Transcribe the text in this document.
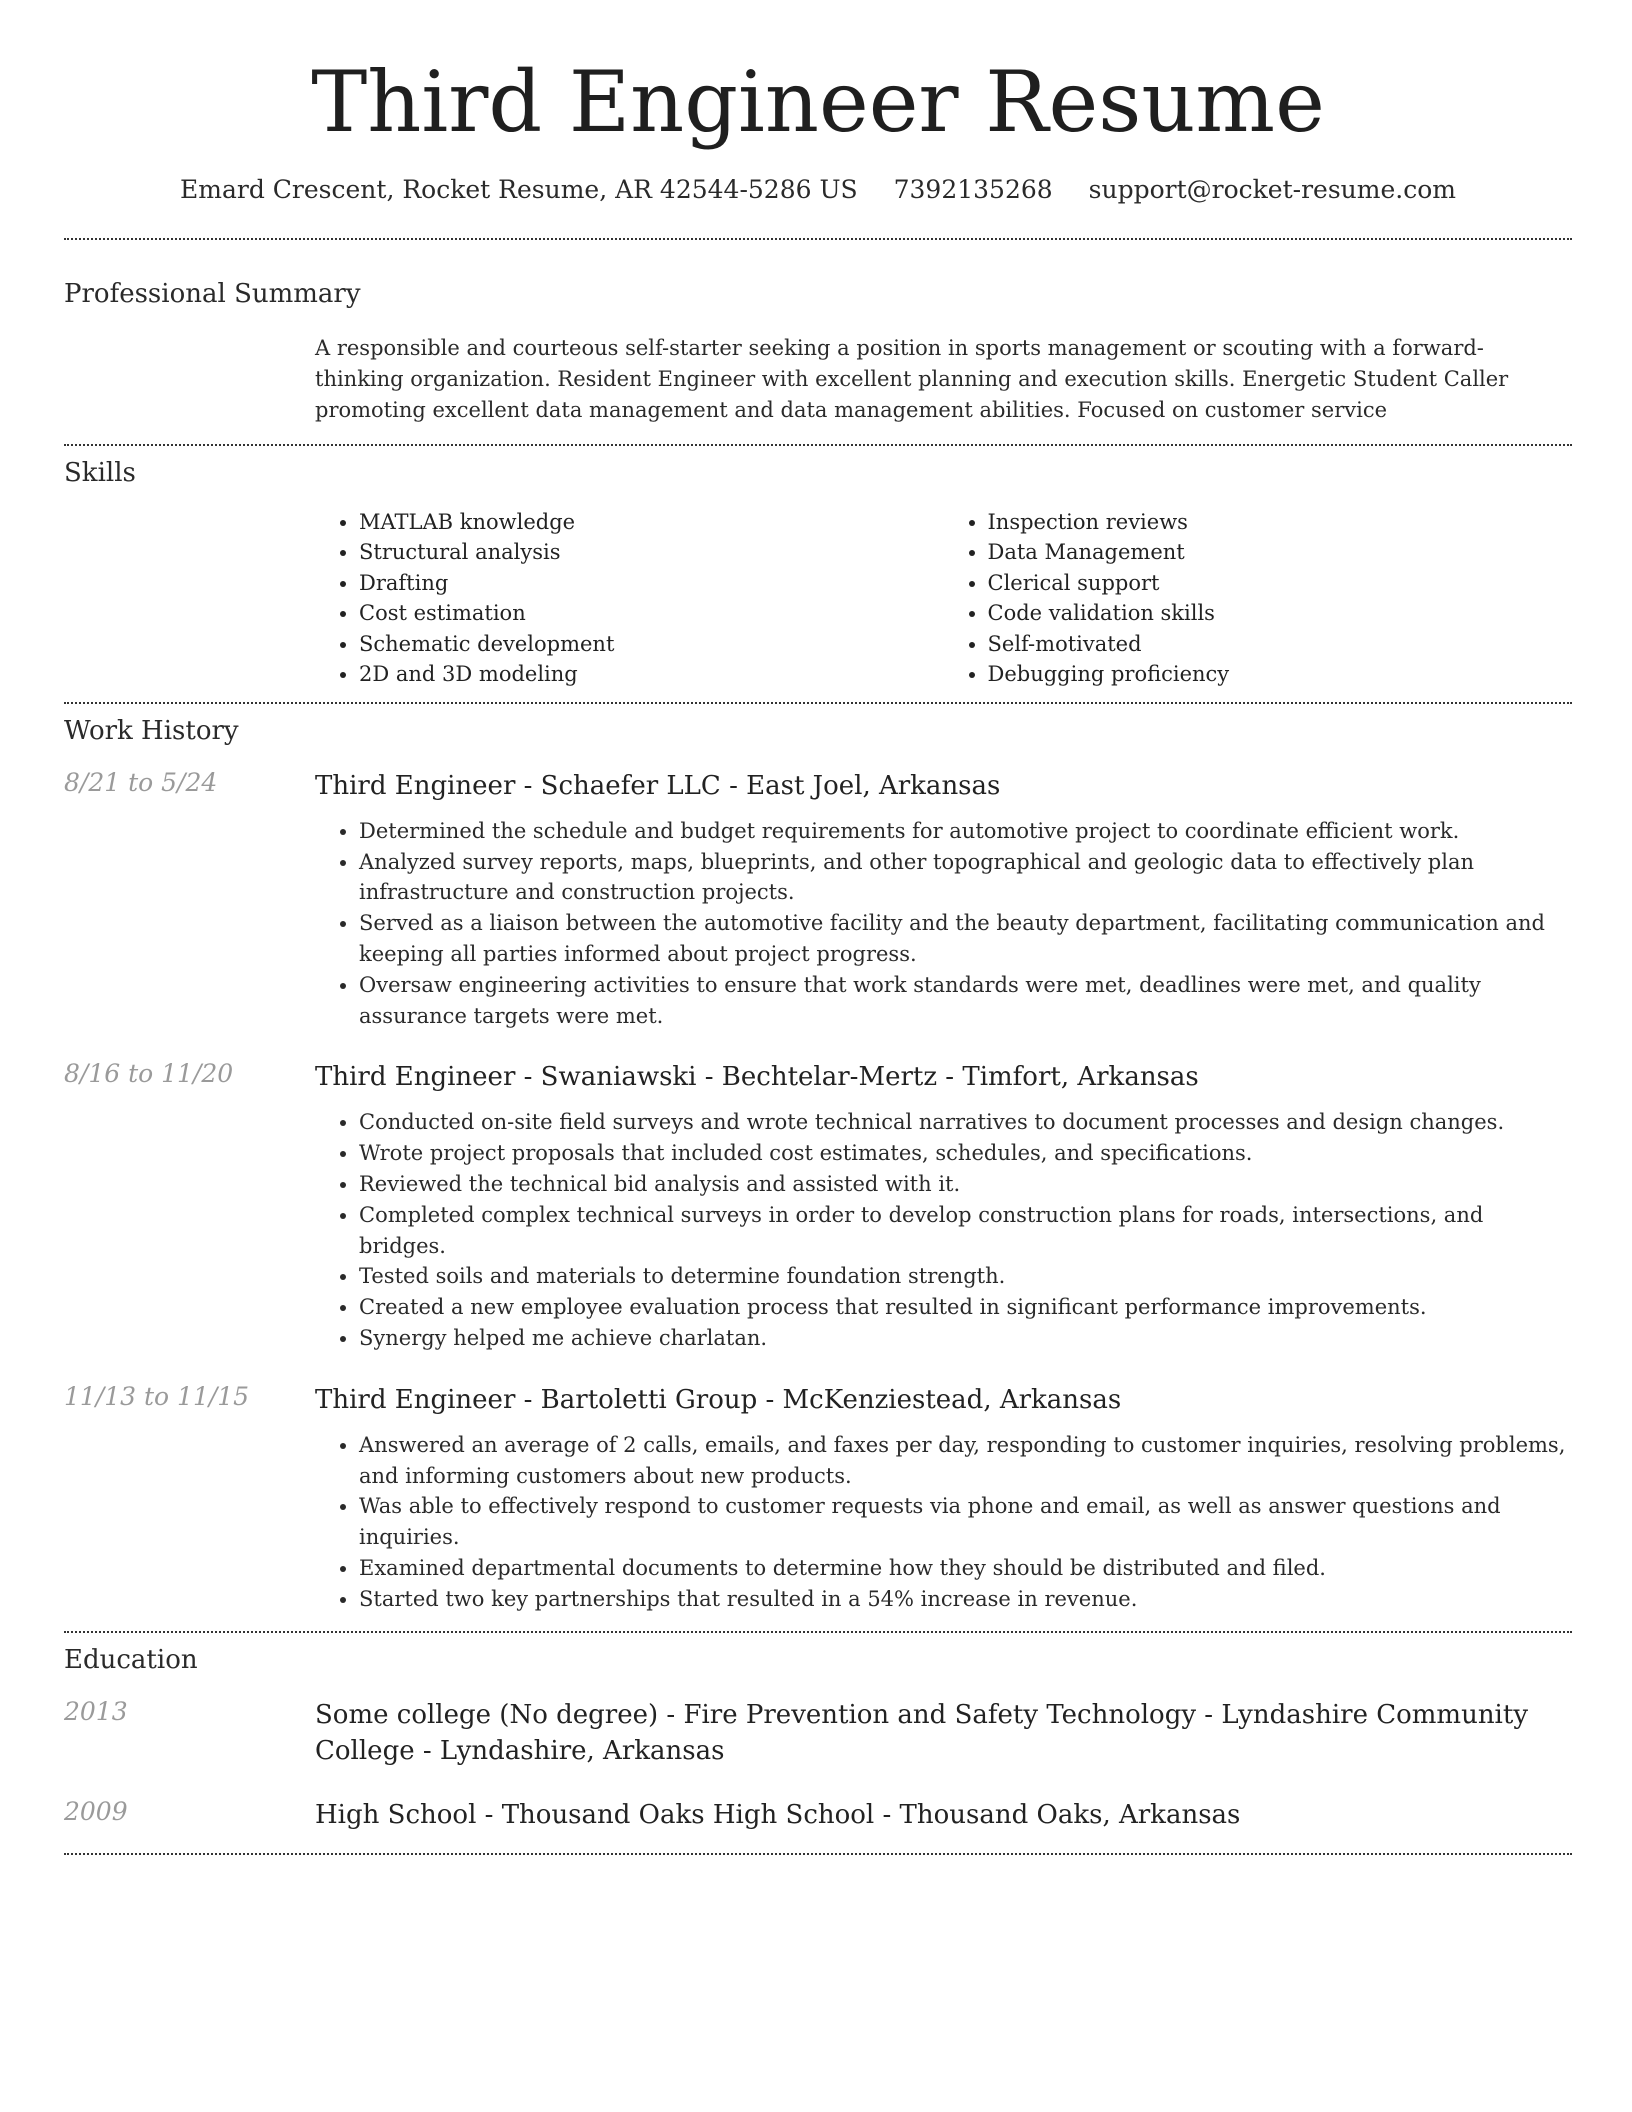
Third Engineer Resume
Emard Crescent, Rocket Resume, AR 42544-5286 US 7392135268 support@rocket-resume.com
Professional Summary
A responsible and courteous self-starter seeking a position in sports management or scouting with a forward-thinking organization. Resident Engineer with excellent planning and execution skills. Energetic Student Caller promoting excellent data management and data management abilities. Focused on customer service
Skills
• MATLAB knowledge
• Structural analysis
• Drafting
• Cost estimation
• Schematic development
• 2D and 3D modeling
• Inspection reviews
• Data Management
• Clerical support
• Code validation skills
• Self-motivated
• Debugging proficiency
Work History
8/21 to 5/24	Third Engineer - Schaefer LLC - East Joel, Arkansas
• Determined the schedule and budget requirements for automotive project to coordinate efficient work.
• Analyzed survey reports, maps, blueprints, and other topographical and geologic data to effectively plan infrastructure and construction projects.
• Served as a liaison between the automotive facility and the beauty department, facilitating communication and keeping all parties informed about project progress.
• Oversaw engineering activities to ensure that work standards were met, deadlines were met, and quality assurance targets were met.
8/16 to 11/20	Third Engineer - Swaniawski - Bechtelar-Mertz - Timfort, Arkansas
• Conducted on-site field surveys and wrote technical narratives to document processes and design changes.
• Wrote project proposals that included cost estimates, schedules, and specifications.
• Reviewed the technical bid analysis and assisted with it.
• Completed complex technical surveys in order to develop construction plans for roads, intersections, and bridges.
• Tested soils and materials to determine foundation strength.
• Created a new employee evaluation process that resulted in significant performance improvements.
• Synergy helped me achieve charlatan.
11/13 to 11/15	Third Engineer - Bartoletti Group - McKenziestead, Arkansas
• Answered an average of 2 calls, emails, and faxes per day, responding to customer inquiries, resolving problems, and informing customers about new products.
• Was able to effectively respond to customer requests via phone and email, as well as answer questions and inquiries.
• Examined departmental documents to determine how they should be distributed and filed.
• Started two key partnerships that resulted in a 54% increase in revenue.
Education
2013	Some college (No degree) - Fire Prevention and Safety Technology - Lyndashire Community College - Lyndashire, Arkansas
2009	High School - Thousand Oaks High School - Thousand Oaks, Arkansas
